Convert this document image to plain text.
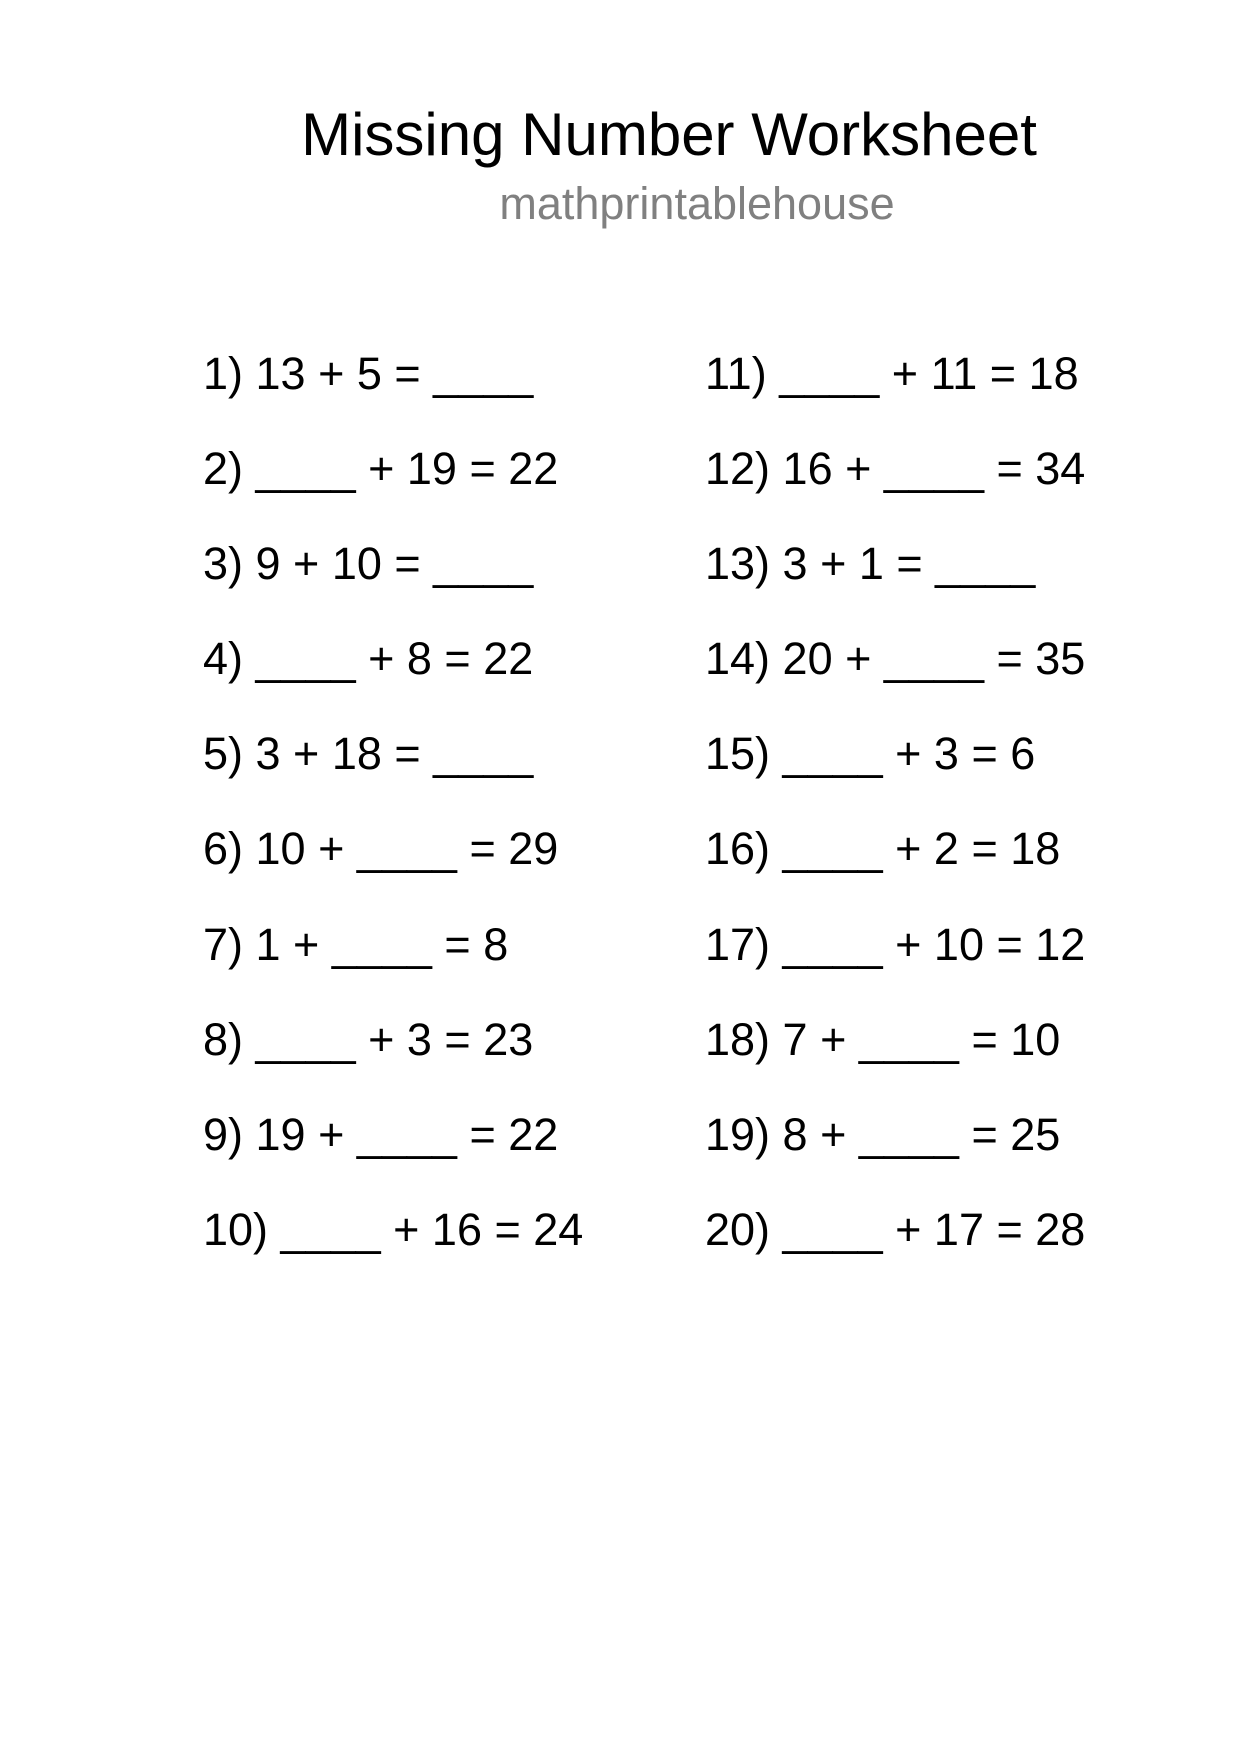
Missing Number Worksheet
mathprintablehouse
1) 13 + 5 = ____
2) ____ + 19 = 22
3) 9 + 10 = ____
4) ____ + 8 = 22
5) 3 + 18 = ____
6) 10 + ____ = 29
7) 1 + ____ = 8
8) ____ + 3 = 23
9) 19 + ____ = 22
10) ____ + 16 = 24
11) ____ + 11 = 18
12) 16 + ____ = 34
13) 3 + 1 = ____
14) 20 + ____ = 35
15) ____ + 3 = 6
16) ____ + 2 = 18
17) ____ + 10 = 12
18) 7 + ____ = 10
19) 8 + ____ = 25
20) ____ + 17 = 28
